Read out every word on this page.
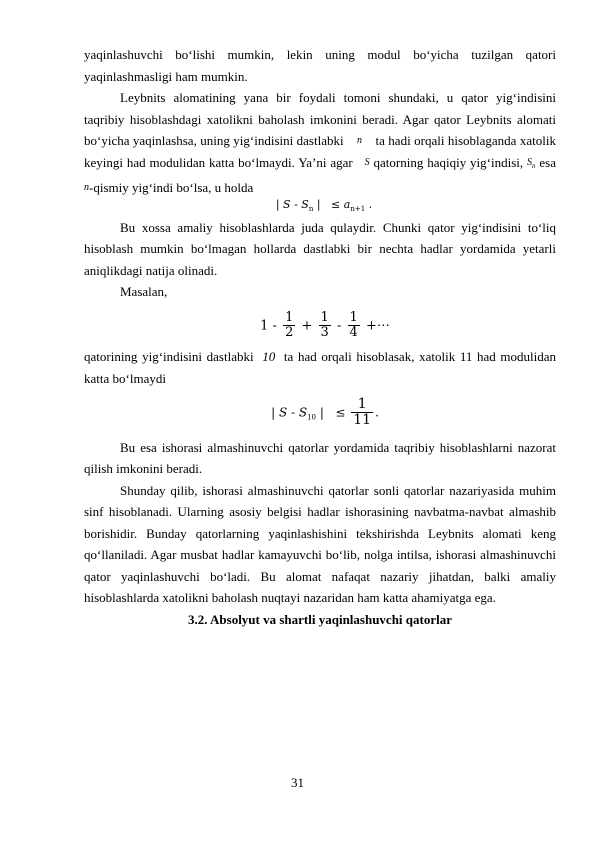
yaqinlashuvchi bo‘lishi mumkin, lekin uning modul bo‘yicha tuzilgan qatori yaqinlashmasligi ham mumkin.

Leybnits alomatining yana bir foydali tomoni shundaki, u qator yig‘indisini taqribiy hisoblashdagi xatolikni baholash imkonini beradi. Agar qator Leybnits alomati bo‘yicha yaqinlashsa, uning yig‘indisini dastlabki n ta hadi orqali hisoblaganda xatolik keyingi had modulidan katta bo‘lmaydi. Ya’ni agar S qatorning haqiqiy yig‘indisi, $S_n$ esa n-qismiy yig‘indi bo‘lsa, u holda

| S - $S_n$ | ≤ $a_{n+1}$ .

Bu xossa amaliy hisoblashlarda juda qulaydir. Chunki qator yig‘indisini to‘liq hisoblash mumkin bo‘lmagan hollarda dastlabki bir nechta hadlar yordamida yetarli aniqlikdagi natija olinadi.

Masalan,

$1 - \frac{1}{2} + \frac{1}{3} - \frac{1}{4}$ +⋯

qatorining yig‘indisini dastlabki 10 ta had orqali hisoblasak, xatolik 11 had modulidan katta bo‘lmaydi

| S - $S_{10}$ | ≤ $\frac{1}{11}$ .

Bu esa ishorasi almashinuvchi qatorlar yordamida taqribiy hisoblashlarni nazorat qilish imkonini beradi.

Shunday qilib, ishorasi almashinuvchi qatorlar sonli qatorlar nazariyasida muhim sinf hisoblanadi. Ularning asosiy belgisi hadlar ishorasining navbatma-navbat almashib borishidir. Bunday qatorlarning yaqinlashishini tekshirishda Leybnits alomati keng qo‘llaniladi. Agar musbat hadlar kamayuvchi bo‘lib, nolga intilsa, ishorasi almashinuvchi qator yaqinlashuvchi bo‘ladi. Bu alomat nafaqat nazariy jihatdan, balki amaliy hisoblashlarda xatolikni baholash nuqtayi nazaridan ham katta ahamiyatga ega.

3.2. Absolyut va shartli yaqinlashuvchi qatorlar

31
